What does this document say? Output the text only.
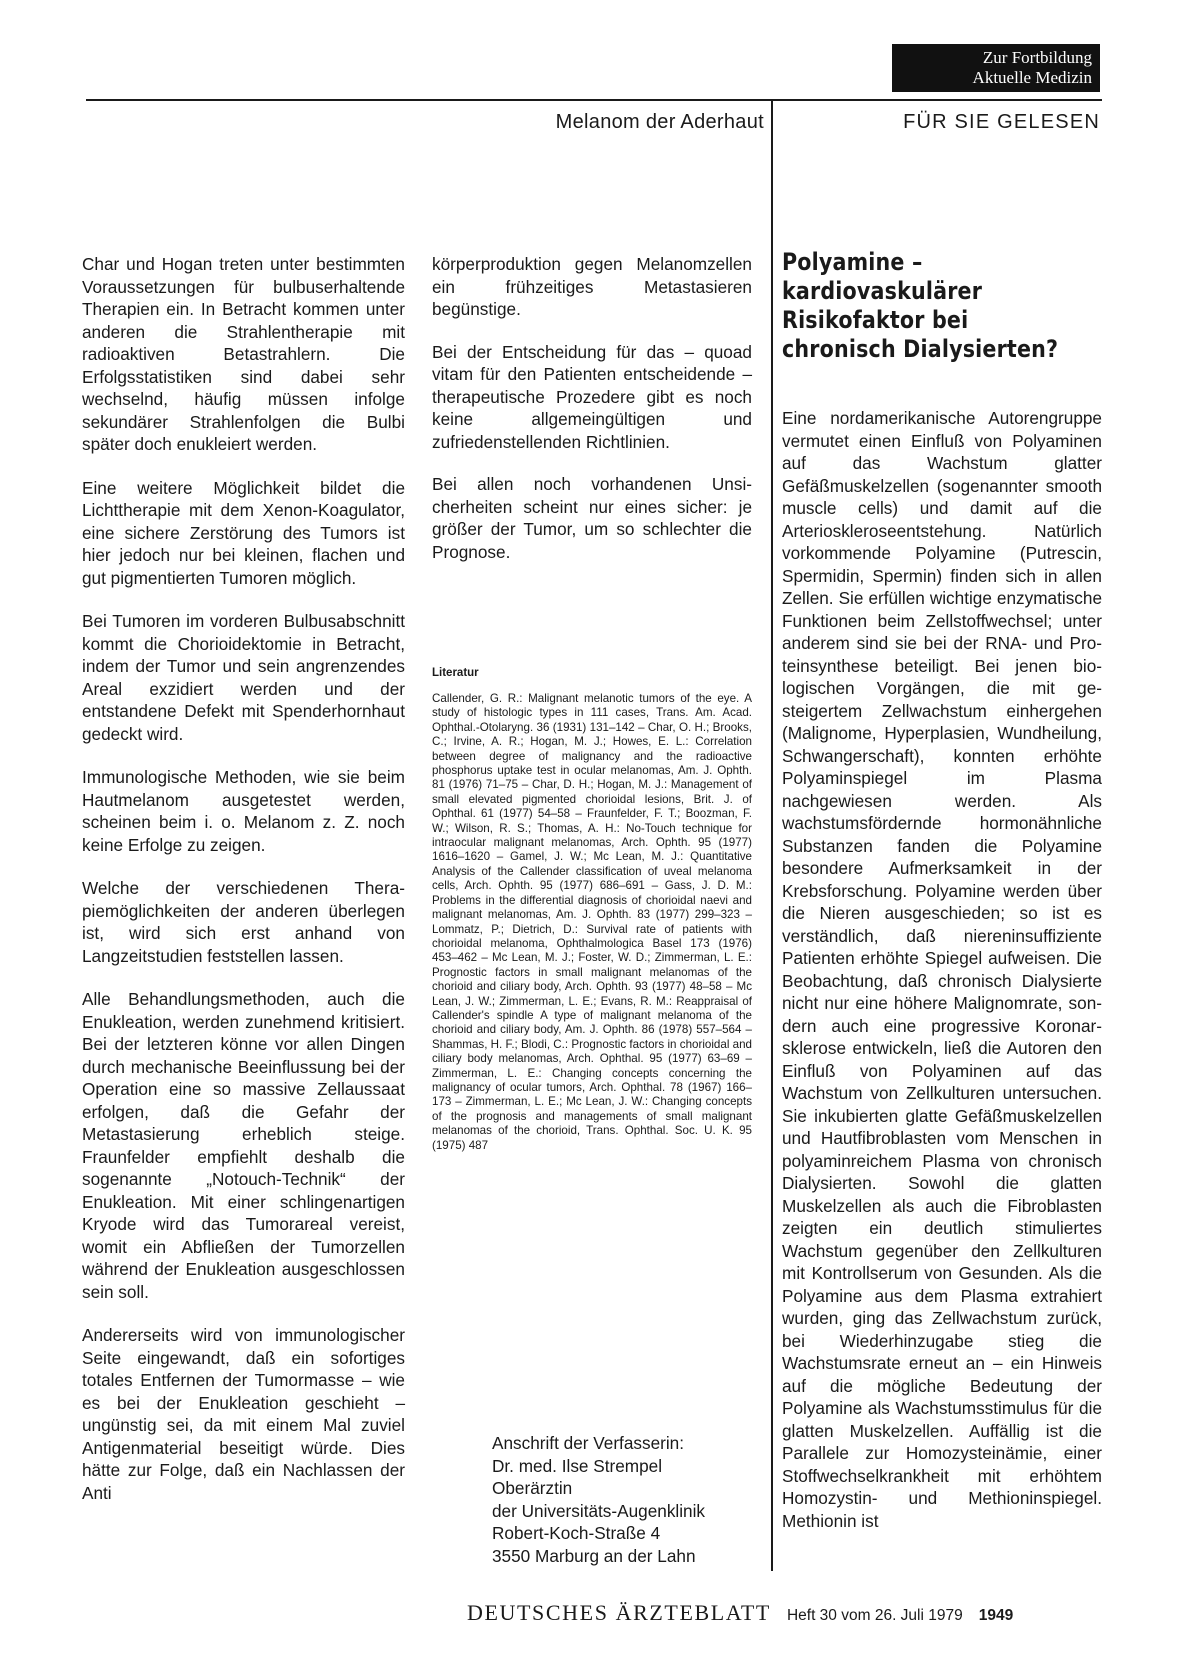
Zur Fortbildung
Aktuelle Medizin
Melanom der Aderhaut	FÜR SIE GELESEN

Char und Hogan treten unter bestimmten Voraussetzungen für bulbuserhaltende Therapien ein. In Betracht kommen unter anderen die Strahlentherapie mit radioaktiven Betastrahlern. Die Erfolgsstatistiken sind dabei sehr wechselnd, häufig müssen infolge sekundärer Strahlenfolgen die Bulbi später doch enukleiert werden.

Eine weitere Möglichkeit bildet die Lichttherapie mit dem Xenon-Koagulator, eine sichere Zerstörung des Tumors ist hier jedoch nur bei kleinen, flachen und gut pigmentierten Tumoren möglich.

Bei Tumoren im vorderen Bulbusabschnitt kommt die Chorioidektomie in Betracht, indem der Tumor und sein angrenzendes Areal exzidiert werden und der entstandene Defekt mit Spenderhornhaut gedeckt wird.

Immunologische Methoden, wie sie beim Hautmelanom ausgetestet werden, scheinen beim i. o. Melanom z. Z. noch keine Erfolge zu zeigen.

Welche der verschiedenen Therapiemöglichkeiten der anderen überlegen ist, wird sich erst anhand von Langzeitstudien feststellen lassen.

Alle Behandlungsmethoden, auch die Enukleation, werden zunehmend kritisiert. Bei der letzteren könne vor allen Dingen durch mechanische Beeinflussung bei der Operation eine so massive Zellaussaat erfolgen, daß die Gefahr der Metastasierung erheblich steige. Fraunfelder empfiehlt deshalb die sogenannte „Notouch-Technik“ der Enukleation. Mit einer schlingenartigen Kryode wird das Tumorareal vereist, womit ein Abfließen der Tumorzellen während der Enukleation ausgeschlossen sein soll.

Andererseits wird von immunologischer Seite eingewandt, daß ein sofortiges totales Entfernen der Tumormasse – wie es bei der Enukleation geschieht – ungünstig sei, da mit einem Mal zuviel Antigenmaterial beseitigt würde. Dies hätte zur Folge, daß ein Nachlassen der Anti

körperproduktion gegen Melanomzellen ein frühzeitiges Metastasieren begünstige.

Bei der Entscheidung für das – quoad vitam für den Patienten entscheidende – therapeutische Prozedere gibt es noch keine allgemeingültigen und zufriedenstellenden Richtlinien.

Bei allen noch vorhandenen Unsicherheiten scheint nur eines sicher: je größer der Tumor, um so schlechter die Prognose.

Literatur
Callender, G. R.: Malignant melanotic tumors of the eye. A study of histologic types in 111 cases, Trans. Am. Acad. Ophthal.-Otolaryng. 36 (1931) 131–142 – Char, O. H.; Brooks, C.; Irvine, A. R.; Hogan, M. J.; Howes, E. L.: Correlation between degree of malignancy and the radioactive phosphorus uptake test in ocular melanomas, Am. J. Ophth. 81 (1976) 71–75 – Char, D. H.; Hogan, M. J.: Management of small elevated pigmented chorioidal lesions, Brit. J. of Ophthal. 61 (1977) 54–58 – Fraunfelder, F. T.; Boozman, F. W.; Wilson, R. S.; Thomas, A. H.: No-Touch technique for intraocular malignant melanomas, Arch. Ophth. 95 (1977) 1616–1620 – Gamel, J. W.; Mc Lean, M. J.: Quantitative Analysis of the Callender classification of uveal melanoma cells, Arch. Ophth. 95 (1977) 686–691 – Gass, J. D. M.: Problems in the differential diagnosis of chorioidal naevi and malignant melanomas, Am. J. Ophth. 83 (1977) 299–323 – Lommatz, P.; Dietrich, D.: Survival rate of patients with chorioidal melanoma, Ophthalmologica Basel 173 (1976) 453–462 – Mc Lean, M. J.; Foster, W. D.; Zimmerman, L. E.: Prognostic factors in small malignant melanomas of the chorioid and ciliary body, Arch. Ophth. 93 (1977) 48–58 – Mc Lean, J. W.; Zimmerman, L. E.; Evans, R. M.: Reappraisal of Callender's spindle A type of malignant melanoma of the chorioid and ciliary body, Am. J. Ophth. 86 (1978) 557–564 – Shammas, H. F.; Blodi, C.: Prognostic factors in chorioidal and ciliary body melanomas, Arch. Ophthal. 95 (1977) 63–69 – Zimmerman, L. E.: Changing concepts concerning the malignancy of ocular tumors, Arch. Ophthal. 78 (1967) 166–173 – Zimmerman, L. E.; Mc Lean, J. W.: Changing concepts of the prognosis and managements of small malignant melanomas of the chorioid, Trans. Ophthal. Soc. U. K. 95 (1975) 487
Anschrift der Verfasserin:
Dr. med. Ilse Strempel
Oberärztin
der Universitäts-Augenklinik
Robert-Koch-Straße 4
3550 Marburg an der Lahn
Polyamine –
kardiovaskulärer
Risikofaktor bei
chronisch Dialysierten?

Eine nordamerikanische Autorengruppe vermutet einen Einfluß von Polyaminen auf das Wachstum glatter Gefäßmuskelzellen (sogenannter smooth muscle cells) und damit auf die Arterioskleroseentstehung. Natürlich vorkommende Polyamine (Putrescin, Spermidin, Spermin) finden sich in allen Zellen. Sie erfüllen wichtige enzymatische Funktionen beim Zellstoffwechsel; unter anderem sind sie bei der RNA- und Proteinsynthese beteiligt. Bei jenen biologischen Vorgängen, die mit gesteigertem Zellwachstum einhergehen (Malignome, Hyperplasien, Wundheilung, Schwangerschaft), konnten erhöhte Polyaminspiegel im Plasma nachgewiesen werden. Als wachstumsfördernde hormonähnliche Substanzen fanden die Polyamine besondere Aufmerksamkeit in der Krebsforschung. Polyamine werden über die Nieren ausgeschieden; so ist es verständlich, daß niereninsuffiziente Patienten erhöhte Spiegel aufweisen. Die Beobachtung, daß chronisch Dialysierte nicht nur eine höhere Malignomrate, sondern auch eine progressive Koronarsklerose entwickeln, ließ die Autoren den Einfluß von Polyaminen auf das Wachstum von Zellkulturen untersuchen. Sie inkubierten glatte Gefäßmuskelzellen und Hautfibroblasten vom Menschen in polyaminreichem Plasma von chronisch Dialysierten. Sowohl die glatten Muskelzellen als auch die Fibroblasten zeigten ein deutlich stimuliertes Wachstum gegenüber den Zellkulturen mit Kontrollserum von Gesunden. Als die Polyamine aus dem Plasma extrahiert wurden, ging das Zellwachstum zurück, bei Wiederhinzugabe stieg die Wachstumsrate erneut an – ein Hinweis auf die mögliche Bedeutung der Polyamine als Wachstumsstimulus für die glatten Muskelzellen. Auffällig ist die Parallele zur Homozysteinämie, einer Stoffwechselkrankheit mit erhöhtem Homozystin- und Methioninspiegel. Methionin ist

DEUTSCHES ÄRZTEBLATT Heft 30 vom 26. Juli 1979 1949
